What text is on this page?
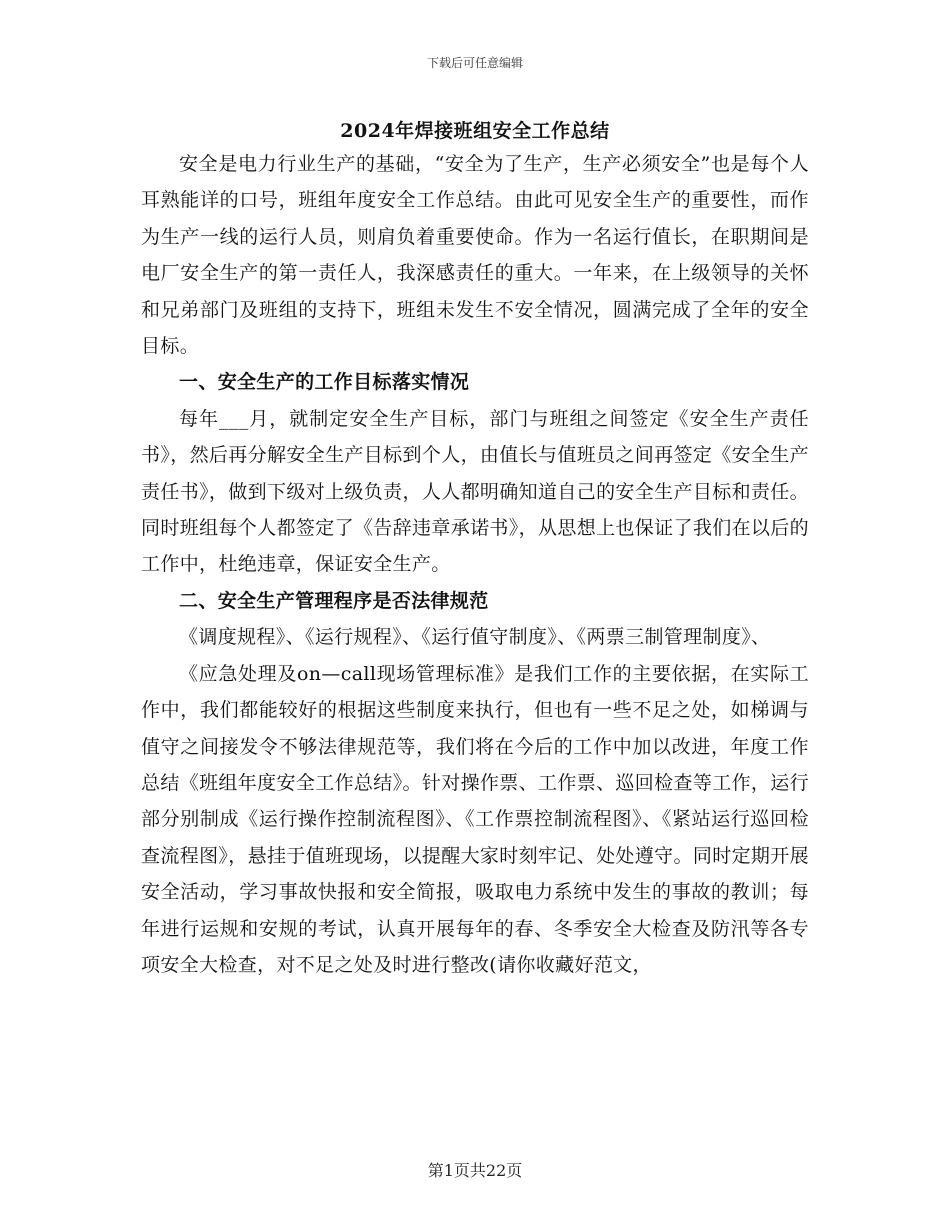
下载后可任意编辑
2024年焊接班组安全工作总结

安全是电力行业生产的基础，“安全为了生产，生产必须安全”也是每个人耳熟能详的口号，班组年度安全工作总结。由此可见安全生产的重要性，而作为生产一线的运行人员，则肩负着重要使命。作为一名运行值长，在职期间是电厂安全生产的第一责任人，我深感责任的重大。一年来，在上级领导的关怀和兄弟部门及班组的支持下，班组未发生不安全情况，圆满完成了全年的安全目标。

一、安全生产的工作目标落实情况

每年___月，就制定安全生产目标，部门与班组之间签定《安全生产责任书》，然后再分解安全生产目标到个人，由值长与值班员之间再签定《安全生产责任书》，做到下级对上级负责，人人都明确知道自己的安全生产目标和责任。同时班组每个人都签定了《告辞违章承诺书》，从思想上也保证了我们在以后的工作中，杜绝违章，保证安全生产。

二、安全生产管理程序是否法律规范

《调度规程》、《运行规程》、《运行值守制度》、《两票三制管理制度》、

《应急处理及on—call现场管理标准》是我们工作的主要依据，在实际工作中，我们都能较好的根据这些制度来执行，但也有一些不足之处，如梯调与值守之间接发令不够法律规范等，我们将在今后的工作中加以改进，年度工作总结《班组年度安全工作总结》。针对操作票、工作票、巡回检查等工作，运行部分别制成《运行操作控制流程图》、《工作票控制流程图》、《紧站运行巡回检查流程图》，悬挂于值班现场，以提醒大家时刻牢记、处处遵守。同时定期开展安全活动，学习事故快报和安全简报，吸取电力系统中发生的事故的教训；每年进行运规和安规的考试，认真开展每年的春、冬季安全大检查及防汛等各专项安全大检查，对不足之处及时进行整改(请你收藏好范文，

第1页共22页
